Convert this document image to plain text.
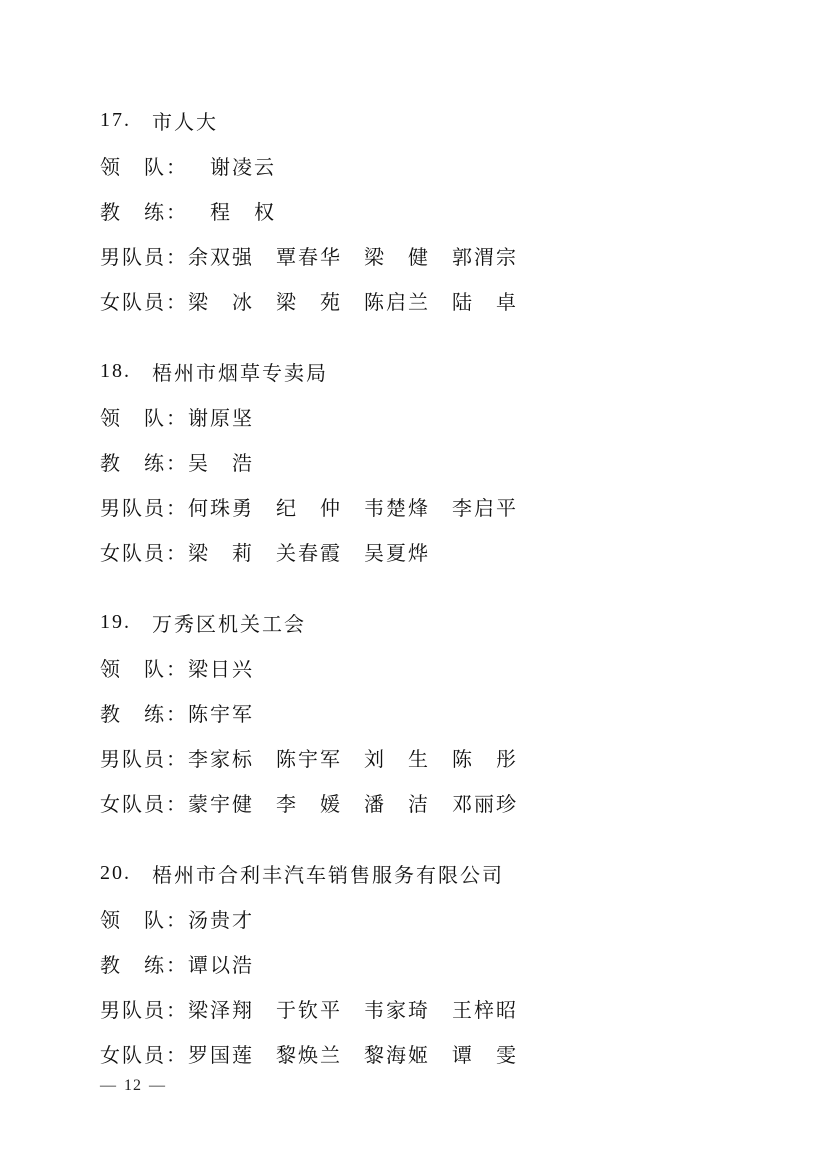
17. 市人大
领　队： 　谢凌云
教　练： 　程　权
男队员： 余双强　覃春华　梁　健　郭渭宗
女队员： 梁　冰　梁　苑　陈启兰　陆　卓
18. 梧州市烟草专卖局
领　队： 谢原坚
教　练： 吴　浩
男队员： 何珠勇　纪　仲　韦楚烽　李启平
女队员： 梁　莉　关春霞　吴夏烨
19. 万秀区机关工会
领　队： 梁日兴
教　练： 陈宇军
男队员： 李家标　陈宇军　刘　生　陈　彤
女队员： 蒙宇健　李　媛　潘　洁　邓丽珍
20. 梧州市合利丰汽车销售服务有限公司
领　队： 汤贵才
教　练： 谭以浩
男队员： 梁泽翔　于钦平　韦家琦　王梓昭
女队员： 罗国莲　黎焕兰　黎海姬　谭　雯
— 12 —
